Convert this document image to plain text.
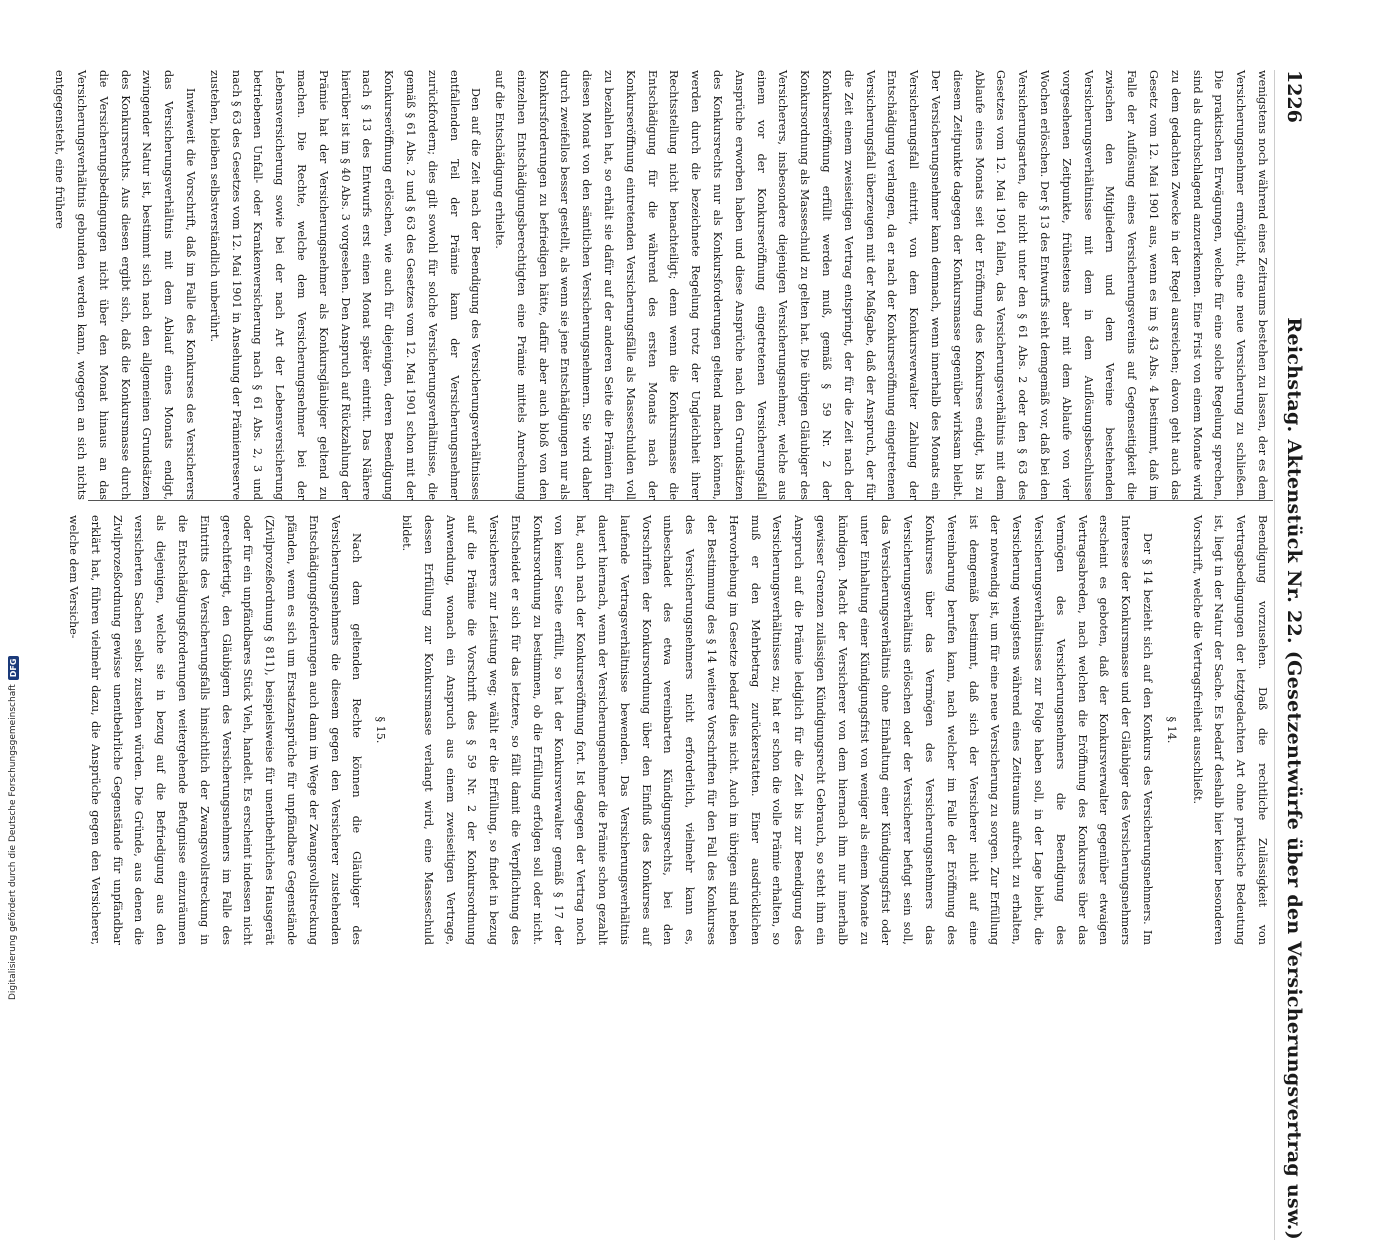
1226
Reichstag. Aktenstück Nr. 22. (Gesetzentwürfe über den Versicherungsvertrag usw.)

wenigstens noch während eines Zeitraums bestehen zu lassen, der es dem Versicherungsnehmer ermöglicht, eine neue Versicherung zu schließen. Die praktischen Erwägungen, welche für eine solche Regelung sprechen, sind als durchschlagend anzuerkennen. Eine Frist von einem Monate wird zu dem gedachten Zwecke in der Regel ausreichen; davon geht auch das Gesetz vom 12. Mai 1901 aus, wenn es im § 43 Abs. 4 bestimmt, daß im Falle der Auflösung eines Versicherungsvereins auf Gegenseitigkeit die zwischen den Mitgliedern und dem Vereine bestehenden Versicherungsverhältnisse mit dem in dem Auflösungsbeschlusse vorgesehenen Zeitpunkte, frühestens aber mit dem Ablaufe von vier Wochen erlöschen. Der § 13 des Entwurfs sieht demgemäß vor, daß bei den Versicherungsarten, die nicht unter den § 61 Abs. 2 oder den § 63 des Gesetzes vom 12. Mai 1901 fallen, das Versicherungsverhältnis mit dem Ablaufe eines Monats seit der Eröffnung des Konkurses endigt, bis zu diesem Zeitpunkte dagegen der Konkursmasse gegenüber wirksam bleibt. Der Versicherungsnehmer kann demnach, wenn innerhalb des Monats ein Versicherungsfall eintritt, von dem Konkursverwalter Zahlung der Entschädigung verlangen, da er nach der Konkurseröffnung eingetretenen Versicherungsfall überzeugen mit der Maßgabe, daß der Anspruch, der für die Zeit einem zweiseitigen Vertrag entspringt, der für die Zeit nach der Konkurseröffnung erfüllt werden muß, gemäß § 59 Nr. 2 der Konkursordnung als Masseschuld zu gelten hat. Die übrigen Gläubiger des Versicherers, insbesondere diejenigen Versicherungsnehmer, welche aus einem vor der Konkurseröffnung eingetretenen Versicherungsfall Ansprüche erworben haben und diese Ansprüche nach den Grundsätzen des Konkursrechts nur als Konkursforderungen geltend machen können, werden durch die bezeichnete Regelung trotz der Ungleichheit ihrer Rechtsstellung nicht benachteiligt; denn wenn die Konkursmasse die Entschädigung für die während des ersten Monats nach der Konkurseröffnung eintretenden Versicherungsfälle als Masseschulden voll zu bezahlen hat, so erhält sie dafür auf der anderen Seite die Prämien für diesen Monat von den sämtlichen Versicherungsnehmern. Sie wird daher durch zweifellos besser gestellt, als wenn sie jene Entschädigungen nur als Konkursforderungen zu befriedigen hätte, dafür aber auch bloß von den einzelnen Entschädigungsberechtigten eine Prämie mittels Anrechnung auf die Entschädigung erhielte.

Den auf die Zeit nach der Beendigung des Versicherungsverhältnisses entfallenden Teil der Prämie kann der Versicherungsnehmer zurückfordern; dies gilt sowohl für solche Versicherungsverhältnisse, die gemäß § 61 Abs. 2 und § 63 des Gesetzes vom 12. Mai 1901 schon mit der Konkurseröffnung erlöschen, wie auch für diejenigen, deren Beendigung nach § 13 des Entwurfs erst einen Monat später eintritt. Das Nähere hierüber ist im § 40 Abs. 3 vorgesehen. Den Anspruch auf Rückzahlung der Prämie hat der Versicherungsnehmer als Konkursgläubiger geltend zu machen. Die Rechte, welche dem Versicherungsnehmer bei der Lebensversicherung sowie bei der nach Art der Lebensversicherung betriebenen Unfall- oder Krankenversicherung nach § 61 Abs. 2, 3 und nach § 63 des Gesetzes vom 12. Mai 1901 in Ansehung der Prämienreserve zustehen, bleiben selbstverständlich unberührt.

Inwieweit die Vorschrift, daß im Falle des Konkurses des Versicherers das Versicherungsverhältnis mit dem Ablauf eines Monats endigt, zwingender Natur ist, bestimmt sich nach den allgemeinen Grundsätzen des Konkursrechts. Aus diesen ergibt sich, daß die Konkursmasse durch die Versicherungsbedingungen nicht über den Monat hinaus an das Versicherungsverhältnis gebunden werden kann, wogegen an sich nichts entgegensteht, eine frühere

Beendigung vorzusehen. Daß die rechtliche Zulässigkeit von Vertragsbedingungen der letztgedachten Art ohne praktische Bedeutung ist, liegt in der Natur der Sache. Es bedarf deshalb hier keiner besonderen Vorschrift, welche die Vertragsfreiheit ausschließt.

§ 14.

Der § 14 bezieht sich auf den Konkurs des Versicherungsnehmers. Im Interesse der Konkursmasse und der Gläubiger des Versicherungsnehmers erscheint es geboten, daß der Konkursverwalter gegenüber etwaigen Vertragsabreden, nach welchen die Eröffnung des Konkurses über das Vermögen des Versicherungsnehmers die Beendigung des Versicherungsverhältnisses zur Folge haben soll, in der Lage bleibt, die Versicherung wenigstens während eines Zeitraums aufrecht zu erhalten, der notwendig ist, um für eine neue Versicherung zu sorgen. Zur Erfüllung ist demgemäß bestimmt, daß sich der Versicherer nicht auf eine Vereinbarung berufen kann, nach welcher im Falle der Eröffnung des Konkurses über das Vermögen des Versicherungsnehmers das Versicherungsverhältnis erlöschen oder der Versicherer befugt sein soll, das Versicherungsverhältnis ohne Einhaltung einer Kündigungsfrist oder unter Einhaltung einer Kündigungsfrist von weniger als einem Monate zu kündigen. Macht der Versicherer von dem hiernach ihm nur innerhalb gewisser Grenzen zulässigen Kündigungsrecht Gebrauch, so steht ihm ein Anspruch auf die Prämie lediglich für die Zeit bis zur Beendigung des Versicherungsverhältnisses zu; hat er schon die volle Prämie erhalten, so muß er den Mehrbetrag zurückerstatten. Einer ausdrücklichen Hervorhebung im Gesetze bedarf dies nicht. Auch im übrigen sind neben der Bestimmung des § 14 weitere Vorschriften für den Fall des Konkurses des Versicherungsnehmers nicht erforderlich, vielmehr kann es, unbeschadet des etwa vereinbarten Kündigungsrechts, bei den Vorschriften der Konkursordnung über den Einfluß des Konkurses auf laufende Vertragsverhältnisse bewenden. Das Versicherungsverhältnis dauert hiernach, wenn der Versicherungsnehmer die Prämie schon gezahlt hat, auch nach der Konkurseröffnung fort. Ist dagegen der Vertrag noch von keiner Seite erfüllt, so hat der Konkursverwalter gemäß § 17 der Konkursordnung zu bestimmen, ob die Erfüllung erfolgen soll oder nicht. Entscheidet er sich für das letztere, so fällt damit die Verpflichtung des Versicherers zur Leistung weg; wählt er die Erfüllung, so findet in bezug auf die Prämie die Vorschrift des § 59 Nr. 2 der Konkursordnung Anwendung, wonach ein Anspruch aus einem zweiseitigen Vertrage, dessen Erfüllung zur Konkursmasse verlangt wird, eine Masseschuld bildet.

§ 15.

Nach dem geltenden Rechte können die Gläubiger des Versicherungsnehmers die diesem gegen den Versicherer zustehenden Entschädigungsforderungen auch dann im Wege der Zwangsvollstreckung pfänden, wenn es sich um Ersatzansprüche für unpfändbare Gegenstände (Zivilprozeßordnung § 811), beispielsweise für unentbehrliches Hausgerät oder für ein unpfändbares Stück Vieh, handelt. Es erscheint indessen nicht gerechtfertigt, den Gläubigern des Versicherungsnehmers im Falle des Eintritts des Versicherungsfalls hinsichtlich der Zwangsvollstreckung in die Entschädigungsforderungen weitergehende Befugnisse einzuräumen als diejenigen, welche sie in bezug auf die Befriedigung aus den versicherten Sachen selbst zustehen würden. Die Gründe, aus denen die Zivilprozeßordnung gewisse unentbehrliche Gegenstände für unpfändbar erklärt hat, führen vielmehr dazu, die Ansprüche gegen den Versicherer, welche dem Versiche-

Digitalisierung gefördert durch die Deutsche Forschungsgemeinschaft
DFG
